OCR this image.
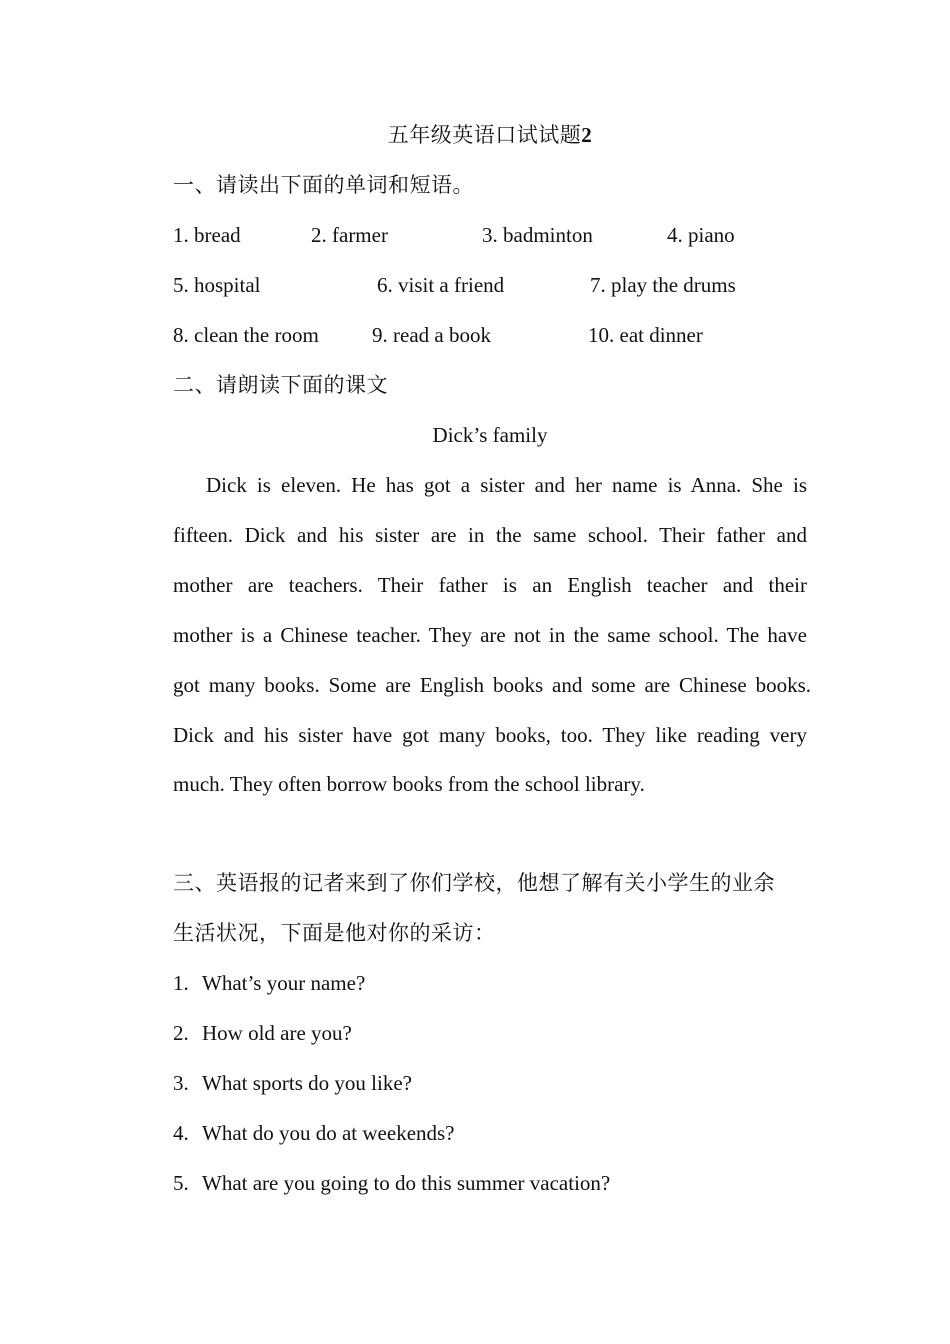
五年级英语口试试题2
一、请读出下面的单词和短语。
1. bread	2. farmer	3. badminton	4. piano
5. hospital	6. visit a friend	7. play the drums
8. clean the room	9. read a book	10. eat dinner
二、请朗读下面的课文
Dick’s family
Dick is eleven. He has got a sister and her name is Anna. She is
fifteen. Dick and his sister are in the same school. Their father and
mother are teachers. Their father is an English teacher and their
mother is a Chinese teacher. They are not in the same school. The have
got many books. Some are English books and some are Chinese books.
Dick and his sister have got many books, too. They like reading very
much. They often borrow books from the school library.
三、英语报的记者来到了你们学校，他想了解有关小学生的业余
生活状况，下面是他对你的采访：
1. What’s your name?
2. How old are you?
3. What sports do you like?
4. What do you do at weekends?
5. What are you going to do this summer vacation?
